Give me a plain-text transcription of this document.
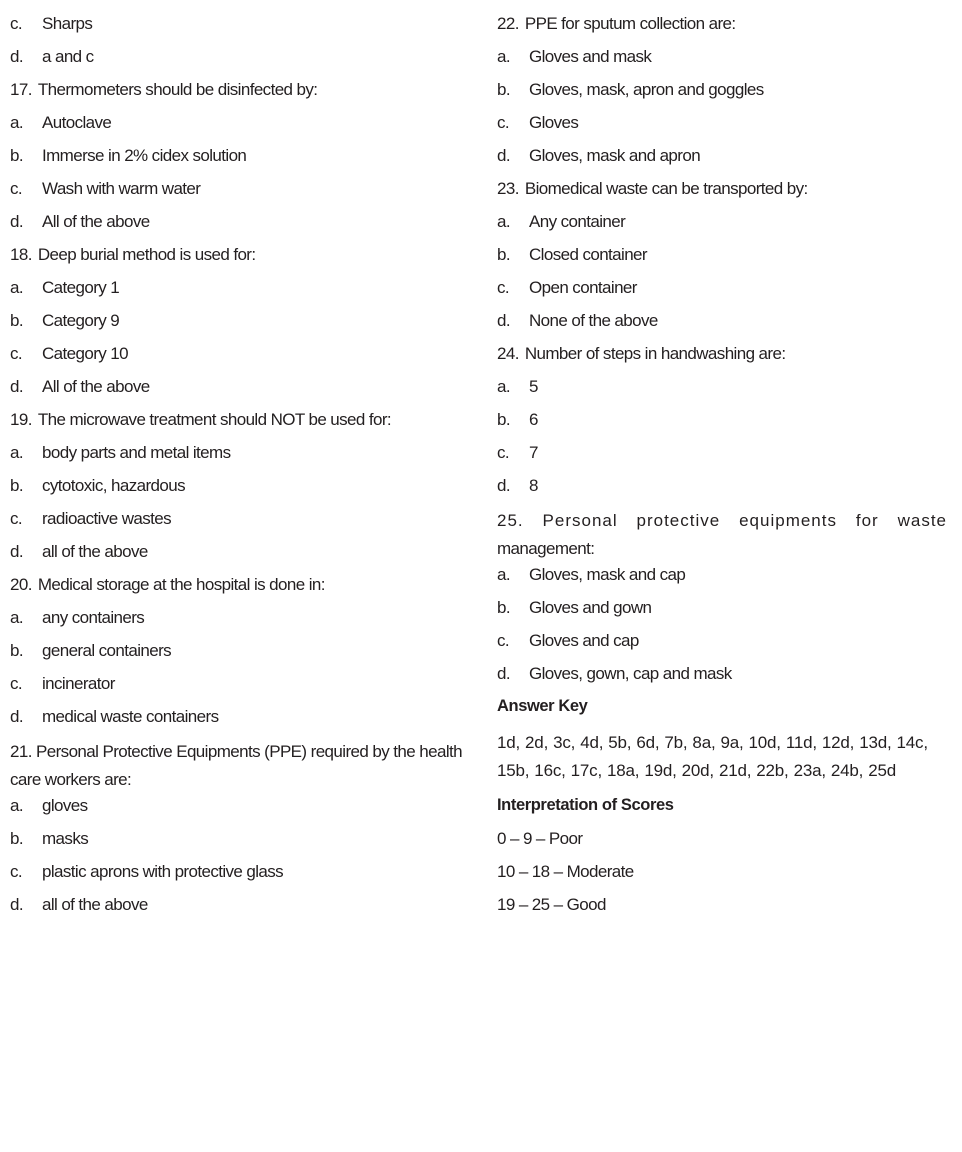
c. Sharps
d. a and c
17. Thermometers should be disinfected by:
a. Autoclave
b. Immerse in 2% cidex solution
c. Wash with warm water
d. All of the above
18. Deep burial method is used for:
a. Category 1
b. Category 9
c. Category 10
d. All of the above
19. The microwave treatment should NOT be used for:
a. body parts and metal items
b. cytotoxic, hazardous
c. radioactive wastes
d. all of the above
20. Medical storage at the hospital is done in:
a. any containers
b. general containers
c. incinerator
d. medical waste containers
21. Personal Protective Equipments (PPE) required by the health care workers are:
a. gloves
b. masks
c. plastic aprons with protective glass
d. all of the above
22. PPE for sputum collection are:
a. Gloves and mask
b. Gloves, mask, apron and goggles
c. Gloves
d. Gloves, mask and apron
23. Biomedical waste can be transported by:
a. Any container
b. Closed container
c. Open container
d. None of the above
24. Number of steps in handwashing are:
a. 5
b. 6
c. 7
d. 8
25. Personal protective equipments for waste management:
a. Gloves, mask and cap
b. Gloves and gown
c. Gloves and cap
d. Gloves, gown, cap and mask
Answer Key
1d, 2d, 3c, 4d, 5b, 6d, 7b, 8a, 9a, 10d, 11d, 12d, 13d, 14c,
15b, 16c, 17c, 18a, 19d, 20d, 21d, 22b, 23a, 24b, 25d
Interpretation of Scores
0 – 9 – Poor
10 – 18 – Moderate
19 – 25 – Good
